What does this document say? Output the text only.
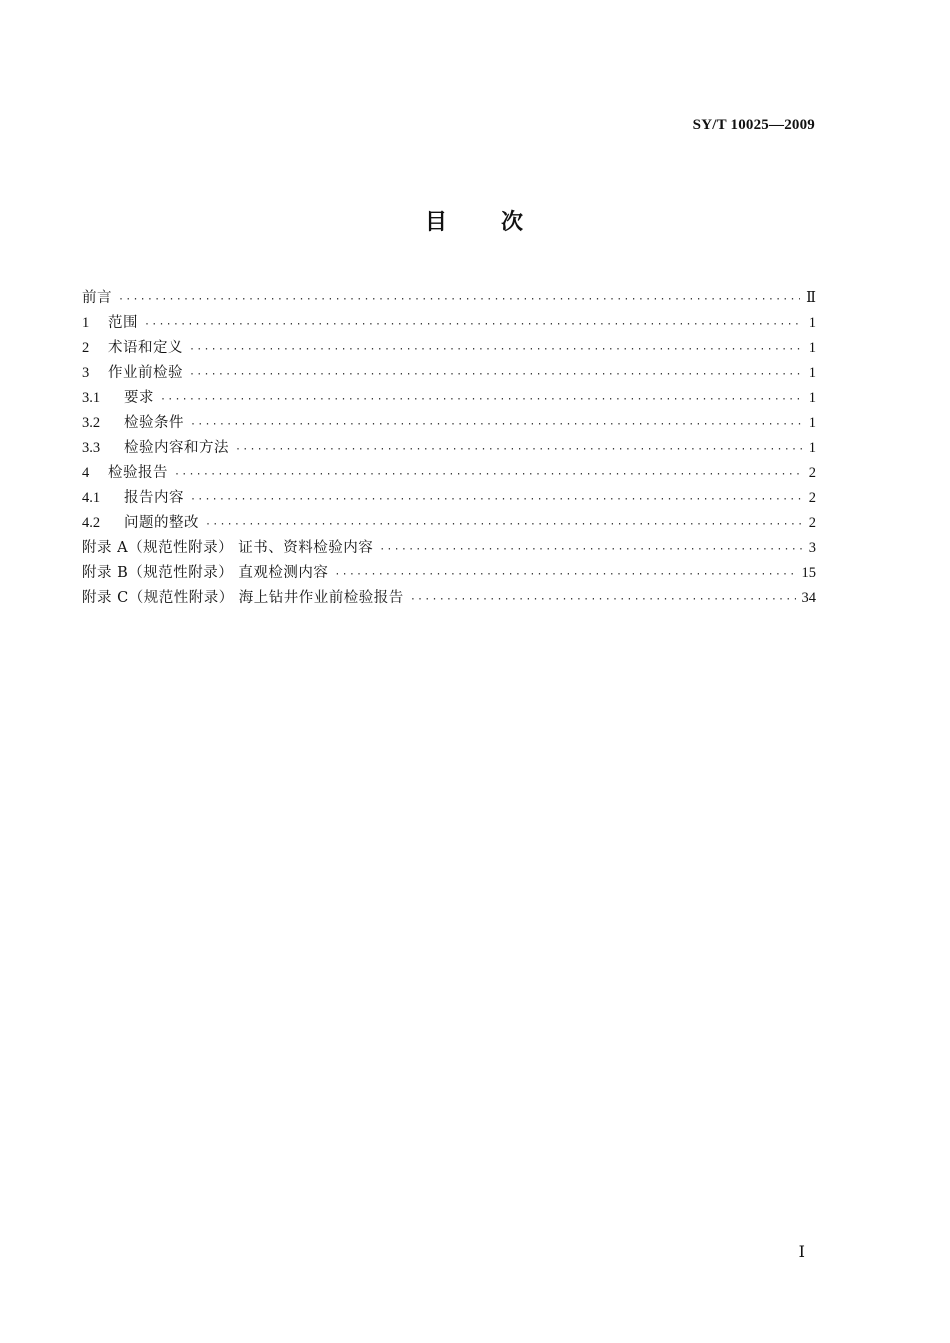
SY/T 10025—2009
目 次
前言 ·····	Ⅱ
1	范围 ·····	1
2	术语和定义 ·····	1
3	作业前检验 ·····	1
3.1	要求 ·····	1
3.2	检验条件 ·····	1
3.3	检验内容和方法 ·····	1
4	检验报告 ·····	2
4.1	报告内容 ·····	2
4.2	问题的整改 ·····	2
附录 A（规范性附录） 证书、资料检验内容 ·····	3
附录 B（规范性附录） 直观检测内容 ·····	15
附录 C（规范性附录） 海上钻井作业前检验报告 ·····	34
Ⅰ
